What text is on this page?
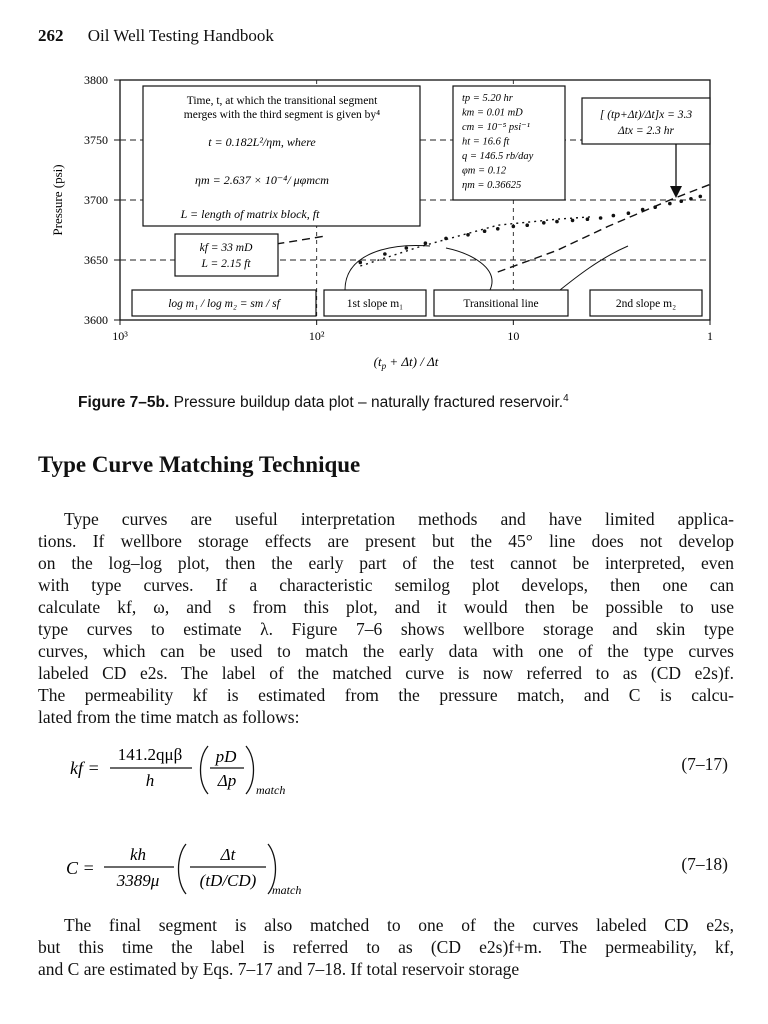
262 Oil Well Testing Handbook
Pressure (psi)
3800
3750
3700
3650
3600
10³	10²	10	1
$(t_p + \Delta t) / \Delta t$
Time, t, at which the transitional segment
merges with the third segment is given by⁴
t = 0.182L²/ηm, where
ηm = 2.637 × 10⁻⁴/ μφmcm
L = length of matrix block, ft
tp = 5.20 hr
km = 0.01 mD
cm = 10⁻⁵ psi⁻¹
ht = 16.6 ft
q = 146.5 rb/day
φm = 0.12
ηm = 0.36625
[ (tp+Δt)/Δt]x = 3.3
Δtx = 2.3 hr
kf = 33 mD
L = 2.15 ft
log m₁ / log m₂ = sm / sf	1st slope m₁	Transitional line	2nd slope m₂
Figure 7–5b. Pressure buildup data plot – naturally fractured reservoir.$^4$
Type Curve Matching Technique
Type curves are useful interpretation methods and have limited applica-
tions. If wellbore storage effects are present but the 45° line does not develop
on the log–log plot, then the early part of the test cannot be interpreted, even
with type curves. If a characteristic semilog plot develops, then one can
calculate kf, ω, and s from this plot, and it would then be possible to use
type curves to estimate λ. Figure 7–6 shows wellbore storage and skin type
curves, which can be used to match the early data with one of the type curves
labeled CD e2s. The label of the matched curve is now referred to as (CD e2s)f.
The permeability kf is estimated from the pressure match, and C is calcu-
lated from the time match as follows:
kf =
141.2qμβ
h
pD
Δp match
(7–17)
C =
kh
3389μ
Δt
(tD/CD) match
(7–18)
The final segment is also matched to one of the curves labeled CD e2s,
but this time the label is referred to as (CD e2s)f+m. The permeability, kf,
and C are estimated by Eqs. 7–17 and 7–18. If total reservoir storage
